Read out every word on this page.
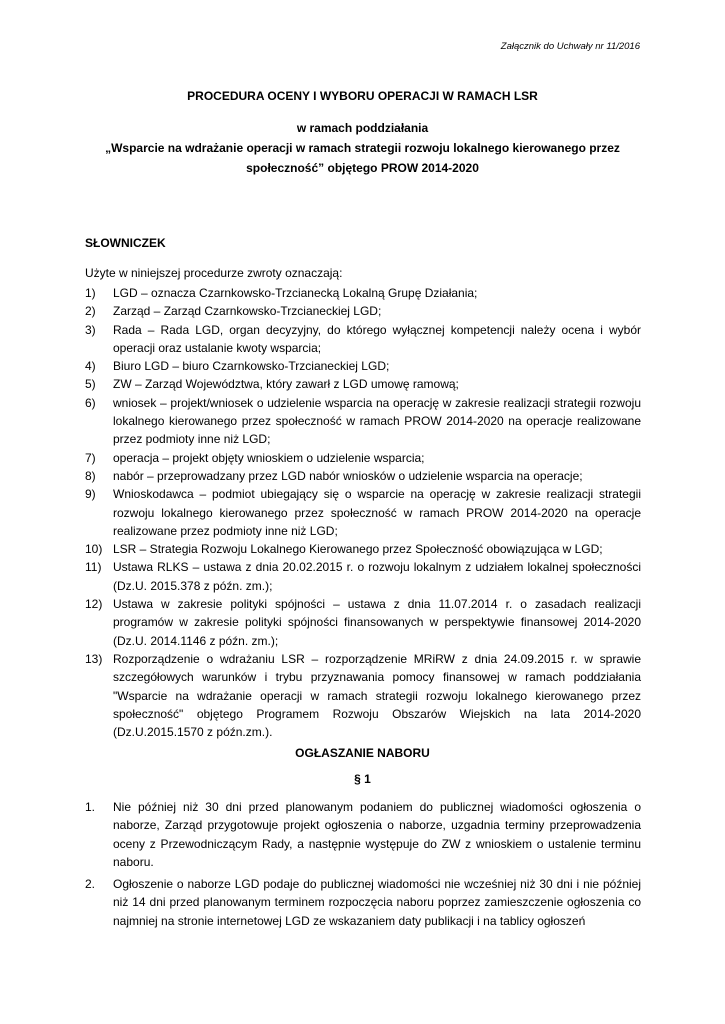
Załącznik do Uchwały nr 11/2016
PROCEDURA OCENY I WYBORU OPERACJI W RAMACH LSR
w ramach poddziałania
„Wsparcie na wdrażanie operacji w ramach strategii rozwoju lokalnego kierowanego przez społeczność” objętego PROW 2014-2020
SŁOWNICZEK
Użyte w niniejszej procedurze zwroty oznaczają:
1) LGD – oznacza Czarnkowsko-Trzcianecką Lokalną Grupę Działania;
2) Zarząd – Zarząd Czarnkowsko-Trzcianeckiej LGD;
3) Rada – Rada LGD, organ decyzyjny, do którego wyłącznej kompetencji należy ocena i wybór operacji oraz ustalanie kwoty wsparcia;
4) Biuro LGD – biuro Czarnkowsko-Trzcianeckiej LGD;
5) ZW – Zarząd Województwa, który zawarł z LGD umowę ramową;
6) wniosek – projekt/wniosek o udzielenie wsparcia na operację w zakresie realizacji strategii rozwoju lokalnego kierowanego przez społeczność w ramach PROW 2014-2020 na operacje realizowane przez podmioty inne niż LGD;
7) operacja – projekt objęty wnioskiem o udzielenie wsparcia;
8) nabór – przeprowadzany przez LGD nabór wniosków o udzielenie wsparcia na operacje;
9) Wnioskodawca – podmiot ubiegający się o wsparcie na operację w zakresie realizacji strategii rozwoju lokalnego kierowanego przez społeczność w ramach PROW 2014-2020 na operacje realizowane przez podmioty inne niż LGD;
10) LSR – Strategia Rozwoju Lokalnego Kierowanego przez Społeczność obowiązująca w LGD;
11) Ustawa RLKS – ustawa z dnia 20.02.2015 r. o rozwoju lokalnym z udziałem lokalnej społeczności (Dz.U. 2015.378 z późn. zm.);
12) Ustawa w zakresie polityki spójności – ustawa z dnia 11.07.2014 r. o zasadach realizacji programów w zakresie polityki spójności finansowanych w perspektywie finansowej 2014-2020 (Dz.U. 2014.1146 z późn. zm.);
13) Rozporządzenie o wdrażaniu LSR – rozporządzenie MRiRW z dnia 24.09.2015 r. w sprawie szczegółowych warunków i trybu przyznawania pomocy finansowej w ramach poddziałania "Wsparcie na wdrażanie operacji w ramach strategii rozwoju lokalnego kierowanego przez społeczność" objętego Programem Rozwoju Obszarów Wiejskich na lata 2014-2020 (Dz.U.2015.1570 z późn.zm.).
OGŁASZANIE NABORU
§ 1
1. Nie później niż 30 dni przed planowanym podaniem do publicznej wiadomości ogłoszenia o naborze, Zarząd przygotowuje projekt ogłoszenia o naborze, uzgadnia terminy przeprowadzenia oceny z Przewodniczącym Rady, a następnie występuje do ZW z wnioskiem o ustalenie terminu naboru.
2. Ogłoszenie o naborze LGD podaje do publicznej wiadomości nie wcześniej niż 30 dni i nie później niż 14 dni przed planowanym terminem rozpoczęcia naboru poprzez zamieszczenie ogłoszenia co najmniej na stronie internetowej LGD ze wskazaniem daty publikacji i na tablicy ogłoszeń
